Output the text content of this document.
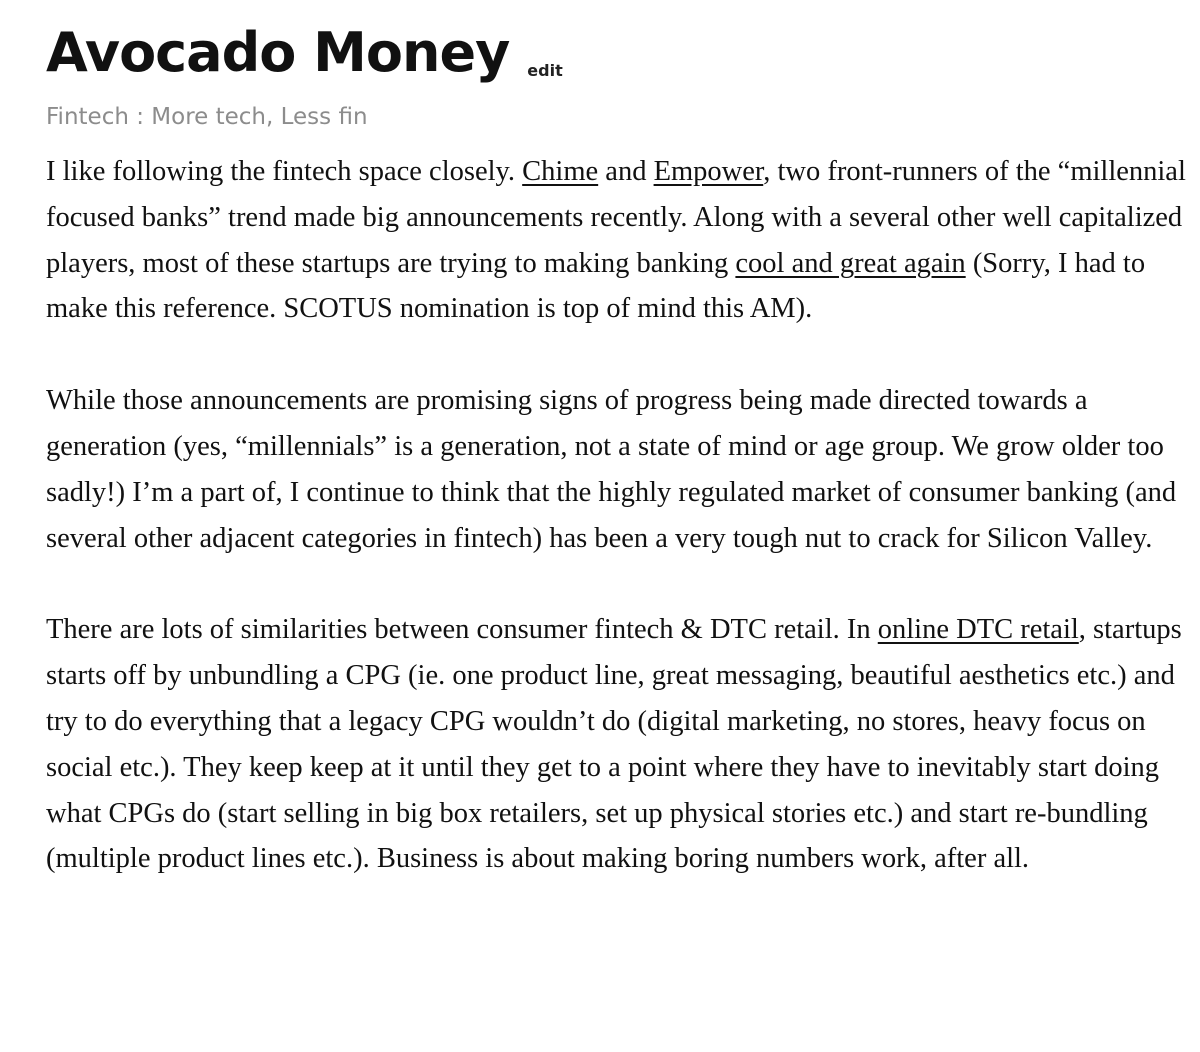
Avocado Money edit
Fintech : More tech, Less fin

I like following the fintech space closely. Chime and Empower, two front-runners of the “millennial focused banks” trend made big announcements recently. Along with a several other well capitalized players, most of these startups are trying to making banking cool and great again (Sorry, I had to make this reference. SCOTUS nomination is top of mind this AM).

While those announcements are promising signs of progress being made directed towards a generation (yes, “millennials” is a generation, not a state of mind or age group. We grow older too sadly!) I’m a part of, I continue to think that the highly regulated market of consumer banking (and several other adjacent categories in fintech) has been a very tough nut to crack for Silicon Valley.

There are lots of similarities between consumer fintech & DTC retail. In online DTC retail, startups starts off by unbundling a CPG (ie. one product line, great messaging, beautiful aesthetics etc.) and try to do everything that a legacy CPG wouldn’t do (digital marketing, no stores, heavy focus on social etc.). They keep keep at it until they get to a point where they have to inevitably start doing what CPGs do (start selling in big box retailers, set up physical stories etc.) and start re-bundling (multiple product lines etc.). Business is about making boring numbers work, after all.
